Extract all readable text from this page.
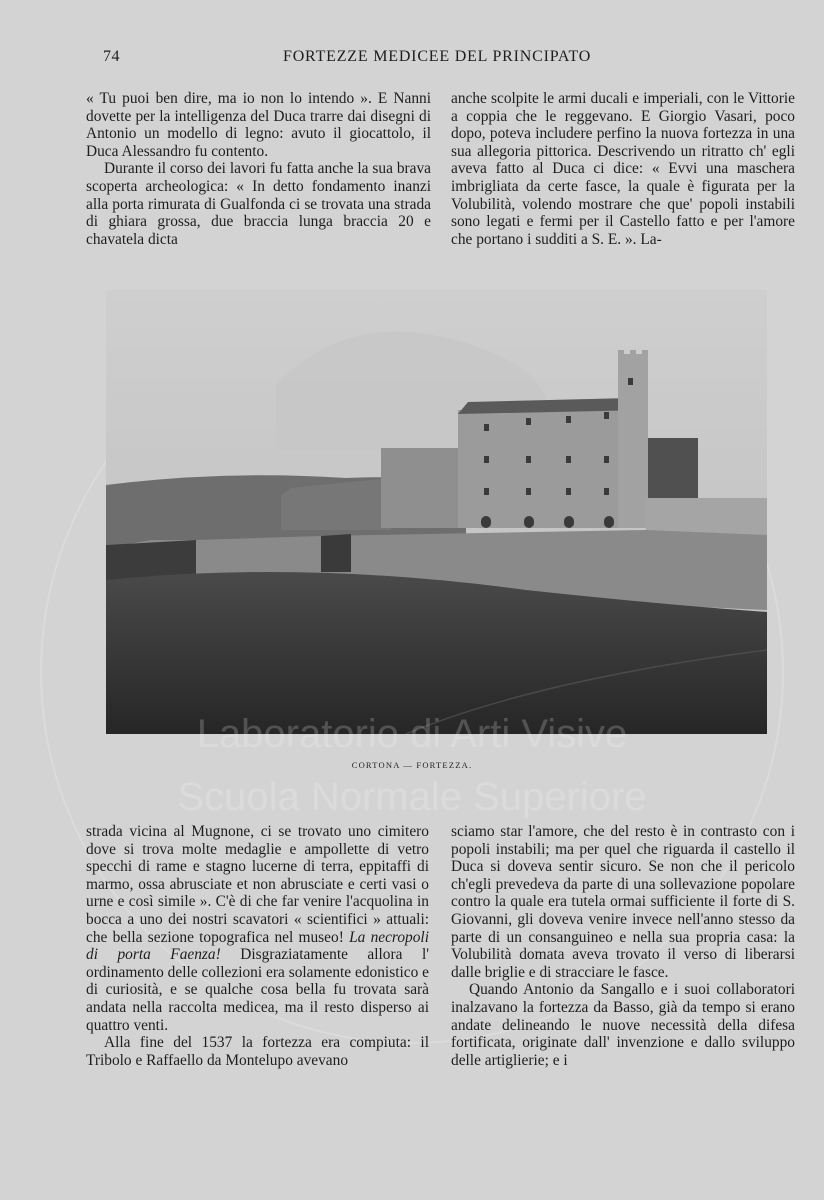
74	FORTEZZE MEDICEE DEL PRINCIPATO

« Tu puoi ben dire, ma io non lo intendo ». E Nanni dovette per la intelligenza del Duca trarre dai disegni di Antonio un modello di legno: avuto il giocattolo, il Duca Alessandro fu contento.

Durante il corso dei lavori fu fatta anche la sua brava scoperta archeologica: « In detto fondamento inanzi alla porta rimurata di Gualfonda ci se trovata una strada di ghiara grossa, due braccia lunga braccia 20 e chavatela dicta

anche scolpite le armi ducali e imperiali, con le Vittorie a coppia che le reggevano. E Giorgio Vasari, poco dopo, poteva includere perfino la nuova fortezza in una sua allegoria pittorica. Descrivendo un ritratto ch' egli aveva fatto al Duca ci dice: « Evvi una maschera imbrigliata da certe fasce, la quale è figurata per la Volubilità, volendo mostrare che que' popoli instabili sono legati e fermi per il Castello fatto e per l'amore che portano i sudditi a S. E. ». La-

CORTONA — FORTEZZA.
Laboratorio di Arti Visive
Scuola Normale Superiore

strada vicina al Mugnone, ci se trovato uno cimitero dove si trova molte medaglie e ampollette di vetro specchi di rame e stagno lucerne di terra, eppitaffi di marmo, ossa abrusciate et non abrusciate e certi vasi o urne e così simile ». C'è di che far venire l'acquolina in bocca a uno dei nostri scavatori « scientifici » attuali: che bella sezione topografica nel museo! La necropoli di porta Faenza! Disgraziatamente allora l' ordinamento delle collezioni era solamente edonistico e di curiosità, e se qualche cosa bella fu trovata sarà andata nella raccolta medicea, ma il resto disperso ai quattro venti.

Alla fine del 1537 la fortezza era compiuta: il Tribolo e Raffaello da Montelupo avevano

sciamo star l'amore, che del resto è in contrasto con i popoli instabili; ma per quel che riguarda il castello il Duca si doveva sentir sicuro. Se non che il pericolo ch'egli prevedeva da parte di una sollevazione popolare contro la quale era tutela ormai sufficiente il forte di S. Giovanni, gli doveva venire invece nell'anno stesso da parte di un consanguineo e nella sua propria casa: la Volubilità domata aveva trovato il verso di liberarsi dalle briglie e di stracciare le fasce.

Quando Antonio da Sangallo e i suoi collaboratori inalzavano la fortezza da Basso, già da tempo si erano andate delineando le nuove necessità della difesa fortificata, originate dall' invenzione e dallo sviluppo delle artiglierie; e i
